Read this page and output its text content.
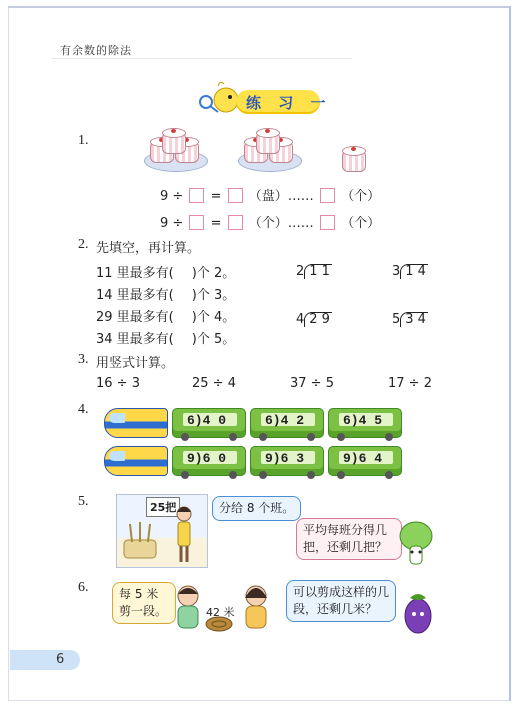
有余数的除法
练 习 一
1.
9 ÷ = （盘）…… （个）
9 ÷ = （个）…… （个）
2. 先填空，再计算。
11 里最多有( )个 2。
14 里最多有( )个 3。
29 里最多有( )个 4。
34 里最多有( )个 5。
2 1 1	3 1 4
4 2 9	5 3 4
3. 用竖式计算。
16 ÷ 3	25 ÷ 4	37 ÷ 5	17 ÷ 2
4.
6)4 0	6)4 2	6)4 5
9)6 0	9)6 3	9)6 4
5.	25把	分给 8 个班。
平均每班分得几把，还剩几把？
6.	每 5 米剪一段。	42 米
可以剪成这样的几段，还剩几米？
6
